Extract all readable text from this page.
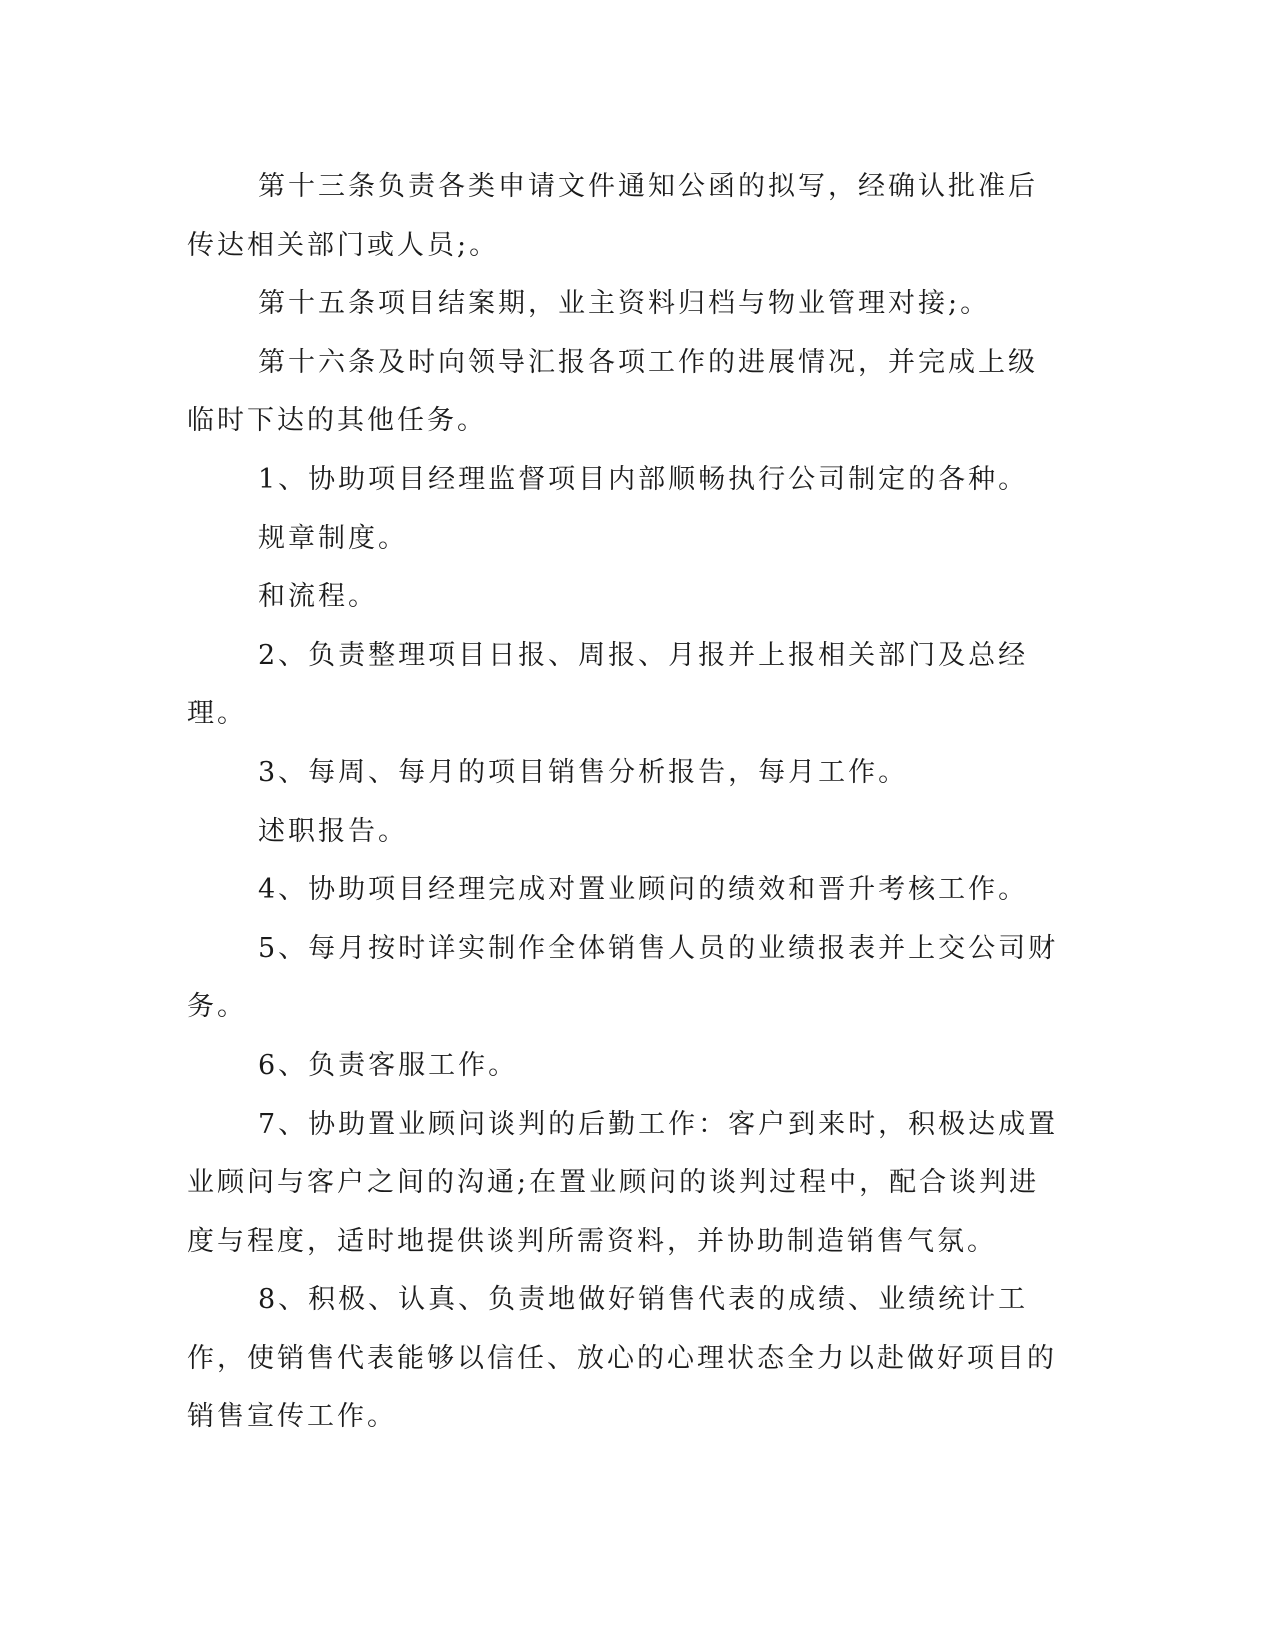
第十三条负责各类申请文件通知公函的拟写，经确认批准后传达相关部门或人员;。

第十五条项目结案期，业主资料归档与物业管理对接;。

第十六条及时向领导汇报各项工作的进展情况，并完成上级临时下达的其他任务。

1、协助项目经理监督项目内部顺畅执行公司制定的各种。

规章制度。

和流程。

2、负责整理项目日报、周报、月报并上报相关部门及总经理。

3、每周、每月的项目销售分析报告，每月工作。

述职报告。

4、协助项目经理完成对置业顾问的绩效和晋升考核工作。

5、每月按时详实制作全体销售人员的业绩报表并上交公司财务。

6、负责客服工作。

7、协助置业顾问谈判的后勤工作：客户到来时，积极达成置业顾问与客户之间的沟通;在置业顾问的谈判过程中，配合谈判进度与程度，适时地提供谈判所需资料，并协助制造销售气氛。

8、积极、认真、负责地做好销售代表的成绩、业绩统计工作，使销售代表能够以信任、放心的心理状态全力以赴做好项目的销售宣传工作。
